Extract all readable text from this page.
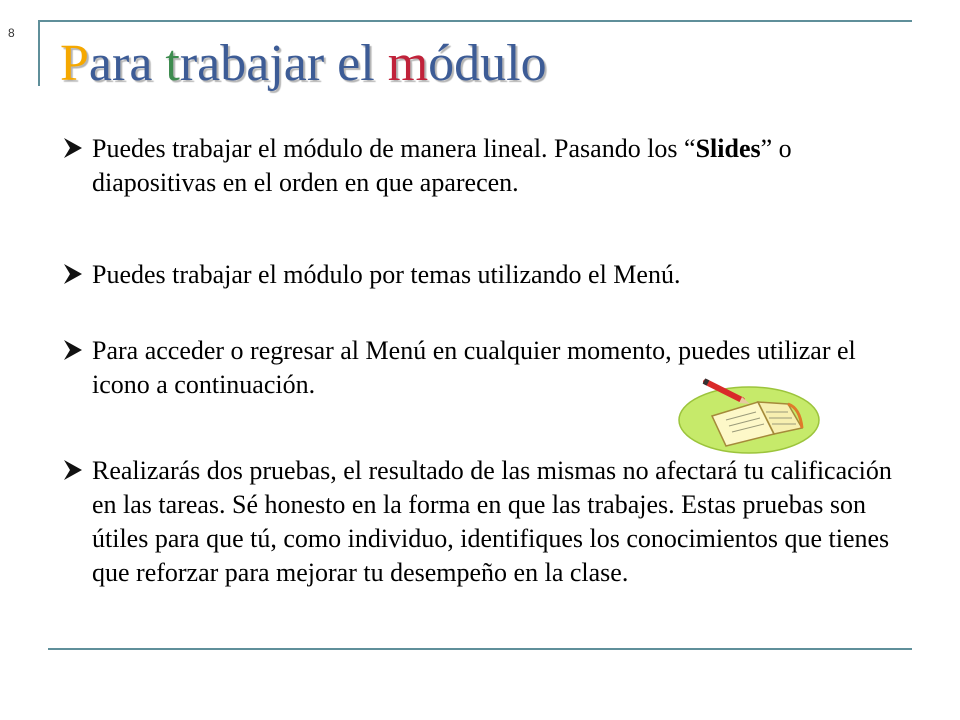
8
Para trabajar el módulo
Puedes trabajar el módulo de manera lineal. Pasando los “Slides” o diapositivas en el orden en que aparecen.
Puedes trabajar el módulo por temas utilizando el Menú.
Para acceder o regresar al Menú en cualquier momento, puedes utilizar el icono a continuación.
Realizarás dos pruebas, el resultado de las mismas no afectará tu calificación en las tareas. Sé honesto en la forma en que las trabajes. Estas pruebas son útiles para que tú, como individuo, identifiques los conocimientos que tienes que reforzar para mejorar tu desempeño en la clase.
